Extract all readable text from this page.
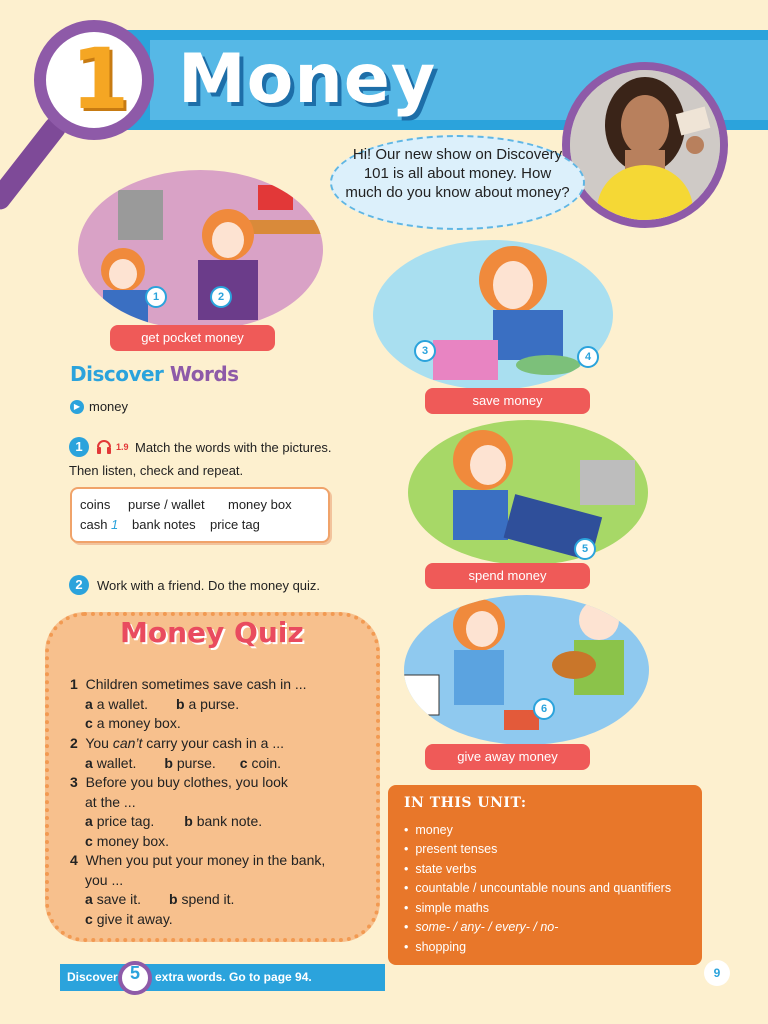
Money
1
Hi! Our new show on Discovery 101 is all about money. How much do you know about money?
1	2
get pocket money
3	4
save money
5
spend money
6
give away money
Discover Words
▶ money
1	1.9 Match the words with the pictures.
Then listen, check and repeat.
coins purse / wallet money box
cash 1 bank notes price tag
2	Work with a friend. Do the money quiz.
Money Quiz
1 Children sometimes save cash in ...
a a wallet. b a purse.
c a money box.
2 You can’t carry your cash in a ...
a wallet. b purse. c coin.
3 Before you buy clothes, you look
at the ...
a price tag. b bank note.
c money box.
4 When you put your money in the bank,
you ...
a save it. b spend it.
c give it away.
IN THIS UNIT:
•  money
•  present tenses
•  state verbs
•  countable / uncountable nouns and quantifiers
•  simple maths
•  some- / any- / every- / no-
•  shopping
Discover 5	extra words. Go to page 94.	9
